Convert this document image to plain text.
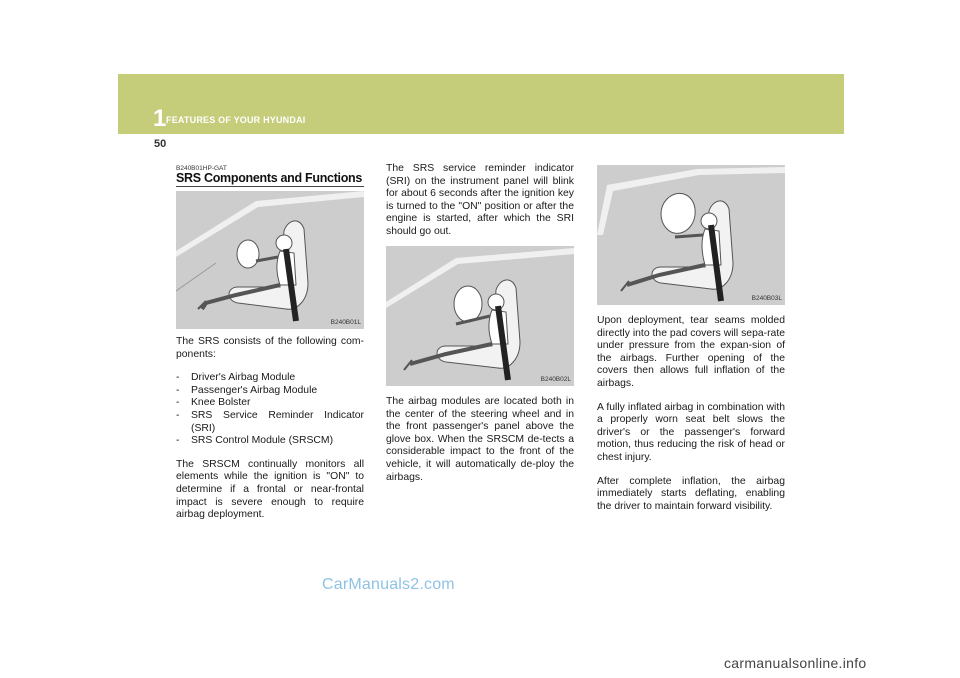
1 FEATURES OF YOUR HYUNDAI
50
B240B01HP-GAT
SRS Components and Functions
B240B01L

The SRS consists of the following com-ponents:

- Driver's Airbag Module
- Passenger's Airbag Module
- Knee Bolster
- SRS Service Reminder Indicator (SRI)
- SRS Control Module (SRSCM)

The SRSCM continually monitors all elements while the ignition is "ON" to determine if a frontal or near-frontal impact is severe enough to require airbag deployment.

The SRS service reminder indicator (SRI) on the instrument panel will blink for about 6 seconds after the ignition key is turned to the "ON" position or after the engine is started, after which the SRI should go out.

B240B02L

The airbag modules are located both in the center of the steering wheel and in the front passenger's panel above the glove box. When the SRSCM de-tects a considerable impact to the front of the vehicle, it will automatically de-ploy the airbags.

B240B03L

Upon deployment, tear seams molded directly into the pad covers will sepa-rate under pressure from the expan-sion of the airbags. Further opening of the covers then allows full inflation of the airbags.

A fully inflated airbag in combination with a properly worn seat belt slows the driver's or the passenger's forward motion, thus reducing the risk of head or chest injury.

After complete inflation, the airbag immediately starts deflating, enabling the driver to maintain forward visibility.

CarManuals2.com
carmanualsonline.info
